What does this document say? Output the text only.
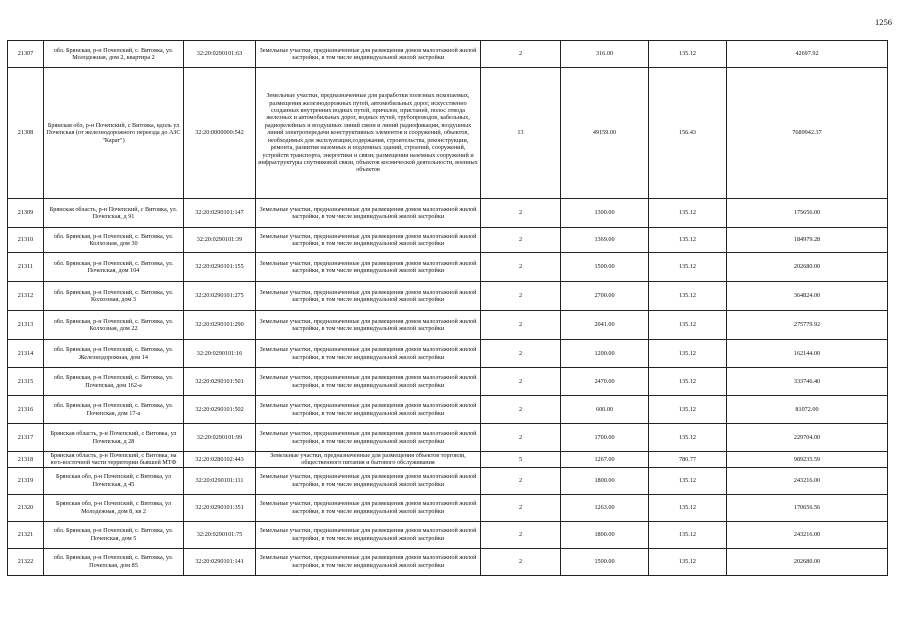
1256
21307	обл. Брянская, р-н Почепский, с. Витовка, ул. Молодежная, дом 2, квартира 2	32:20:0290101:63	Земельные участки, предназначенные для размещения домов малоэтажной жилой застройки, в том числе индивидуальной жилой застройки	2	316.00	135.12	42697.92
21308	Брянская обл, р-н Почепский, с Витовка, вдоль ул Почепская (от железнодорожного переезда до АЗС "Карат")	32:20:0000000:542	Земельные участки, предназначенные для разработки полезных ископаемых, размещения железнодорожных путей, автомобильных дорог, искусственно созданных внутренних водных путей, причалов, пристаней, полос отвода железных и автомобильных дорог, водных путей, трубопроводов, кабельных, радиорелейных и воздушных линий связи и линий радиофикации, воздушных линий электропередачи конструктивных элементов и сооружений, объектов, необходимых для эксплуатации,содержания, строительства, реконструкции, ремонта, развития наземных и подземных зданий, строений, сооружений, устройств транспорта, энергетики и связи; размещения наземных сооружений и инфраструктуры спутниковой связи, объектов космической деятельности, военных объектов	13	49159.00	156.43	7689942.37
21309	Брянская область, р-н Почепский, с Витовка, ул. Почепская, д 91	32:20:0290101:147	Земельные участки, предназначенные для размещения домов малоэтажной жилой застройки, в том числе индивидуальной жилой застройки	2	1300.00	135.12	175656.00
21310	обл. Брянская, р-н Почепский, с. Витовка, ул. Колхозная, дом 30	32:20:0290101:39	Земельные участки, предназначенные для размещения домов малоэтажной жилой застройки, в том числе индивидуальной жилой застройки	2	1369.00	135.12	184979.28
21311	обл. Брянская, р-н Почепский, с. Витовка, ул. Почепская, дом 104	32:20:0290101:155	Земельные участки, предназначенные для размещения домов малоэтажной жилой застройки, в том числе индивидуальной жилой застройки	2	1500.00	135.12	202680.00
21312	обл. Брянская, р-н Почепский, с. Витовка, ул. Колхозная, дом 3	32:20:0290101:275	Земельные участки, предназначенные для размещения домов малоэтажной жилой застройки, в том числе индивидуальной жилой застройки	2	2700.00	135.12	364824.00
21313	обл. Брянская, р-н Почепский, с. Витовка, ул. Колхозная, дом 22	32:20:0290101:290	Земельные участки, предназначенные для размещения домов малоэтажной жилой застройки, в том числе индивидуальной жилой застройки	2	2041.00	135.12	275779.92
21314	обл. Брянская, р-н Почепский, с. Витовка, ул. Железнодорожная, дом 14	32:20:0290101:16	Земельные участки, предназначенные для размещения домов малоэтажной жилой застройки, в том числе индивидуальной жилой застройки	2	1200.00	135.12	162144.00
21315	обл. Брянская, р-н Почепский, с. Витовка, ул. Почепская, дом 162-а	32:20:0290101:501	Земельные участки, предназначенные для размещения домов малоэтажной жилой застройки, в том числе индивидуальной жилой застройки	2	2470.00	135.12	333746.40
21316	обл. Брянская, р-н Почепский, с. Витовка, ул. Почепская, дом 17-а	32:20:0290101:502	Земельные участки, предназначенные для размещения домов малоэтажной жилой застройки, в том числе индивидуальной жилой застройки	2	600.00	135.12	81072.00
21317	Брянская область, р-н Почепский, с Витовка, ул Почепская, д 28	32:20:0290101:99	Земельные участки, предназначенные для размещения домов малоэтажной жилой застройки, в том числе индивидуальной жилой застройки	2	1700.00	135.12	229704.00
21318	Брянская область, р-н Почепский, с Витовка, на юго-восточной части территории бывшей МТФ	32:20:0280102:443	Земельные участки, предназначенные для размещения объектов торговли, общественного питания и бытового обслуживания	5	1267.00	780.77	989235.59
21319	Брянская обл, р-н Почепский, с Витовка, ул Почепская, д 45	32:20:0290101:111	Земельные участки, предназначенные для размещения домов малоэтажной жилой застройки, в том числе индивидуальной жилой застройки	2	1800.00	135.12	243216.00
21320	Брянская обл, р-н Почепский, с Витовка, ул Молодежная, дом 8, кв 2	32:20:0290101:351	Земельные участки, предназначенные для размещения домов малоэтажной жилой застройки, в том числе индивидуальной жилой застройки	2	1263.00	135.12	170656.56
21321	обл. Брянская, р-н Почепский, с. Витовка, ул. Почепская, дом 5	32:20:0290101:75	Земельные участки, предназначенные для размещения домов малоэтажной жилой застройки, в том числе индивидуальной жилой застройки	2	1800.00	135.12	243216.00
21322	обл. Брянская, р-н Почепский, с. Витовка, ул. Почепская, дом 85	32:20:0290101:141	Земельные участки, предназначенные для размещения домов малоэтажной жилой застройки, в том числе индивидуальной жилой застройки	2	1500.00	135.12	202680.00
